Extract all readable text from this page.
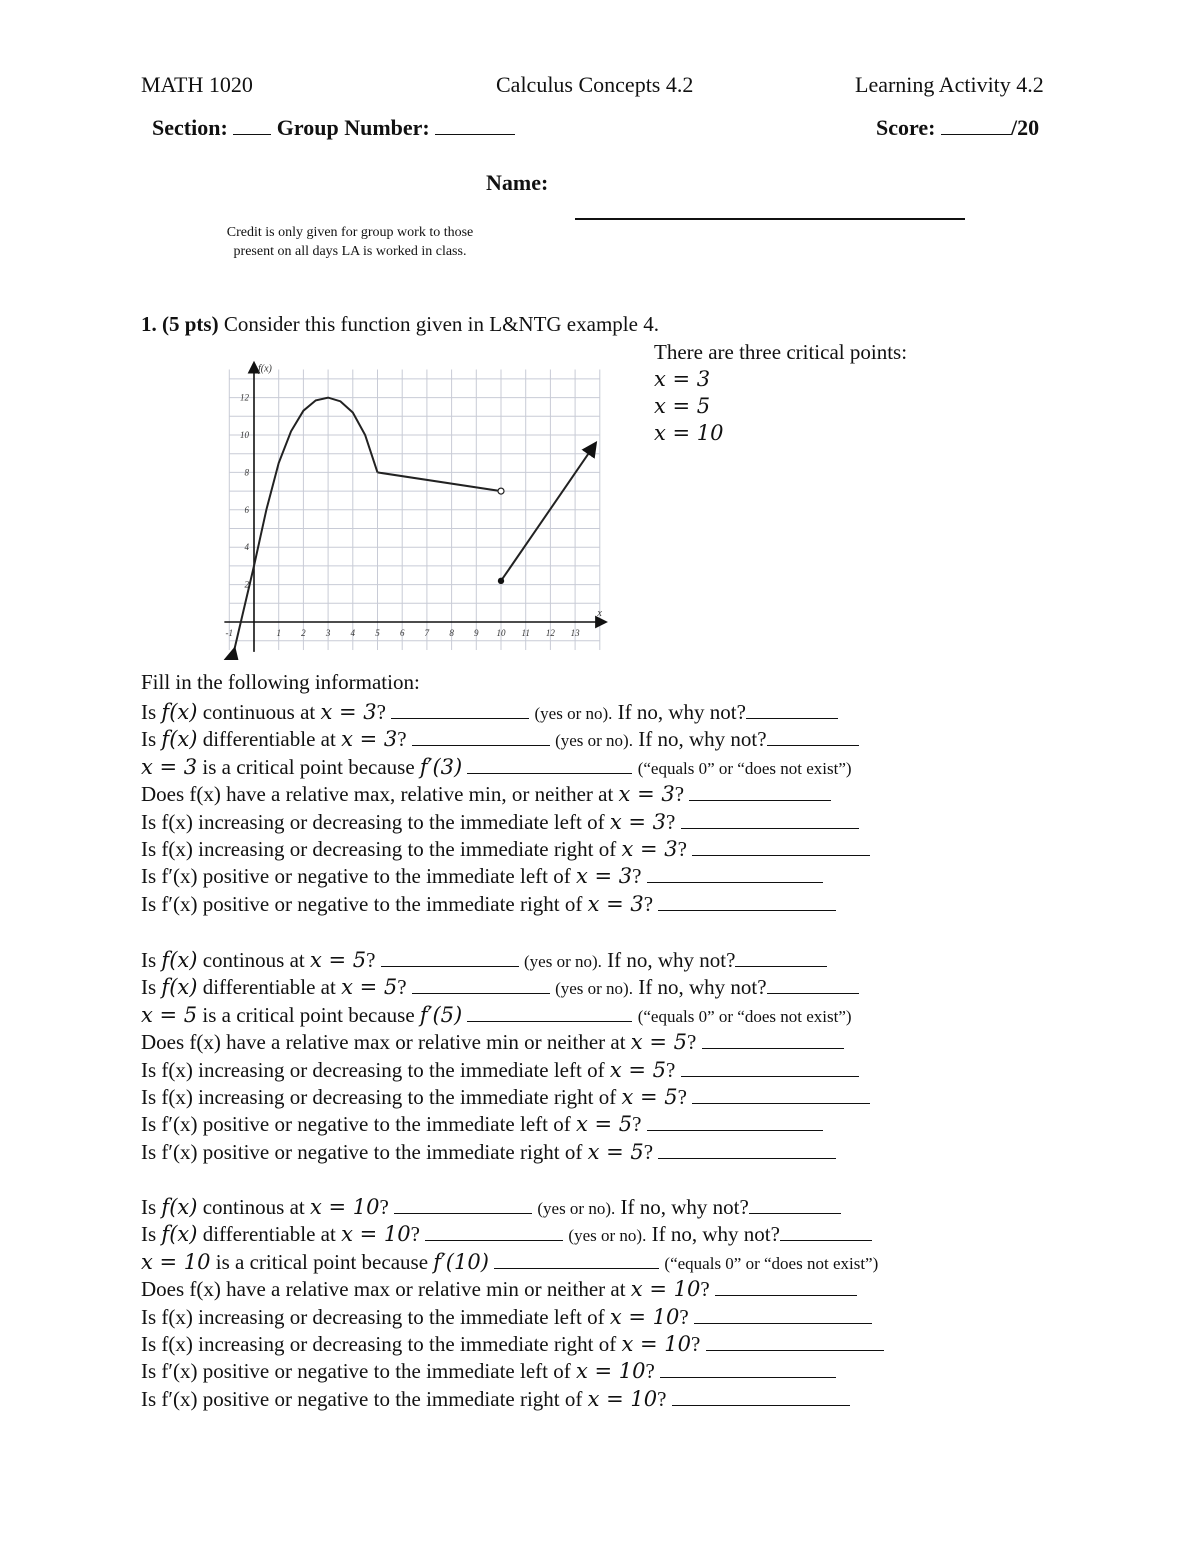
MATH 1020	Calculus Concepts 4.2	Learning Activity 4.2
Section: Group Number:	Score:	/20
Name:
Credit is only given for group work to those
present on all days LA is worked in class.
1. (5 pts) Consider this function given in L&NTG example 4.
There are three critical points:
x = 3
x = 5
x = 10
-1	1 2 3 4 5 6 7 8 9 10 11 12 13
2
4
6
8
10
12
x
f(x)
Fill in the following information:
Is f(x) continuous at x = 3?	(yes or no). If no, why not?
Is f(x) differentiable at x = 3?	(yes or no). If no, why not?
x = 3 is a critical point because f′(3)	(“equals 0” or “does not exist”)
Does f(x) have a relative max, relative min, or neither at x = 3?
Is f(x) increasing or decreasing to the immediate left of x = 3?
Is f(x) increasing or decreasing to the immediate right of x = 3?
Is f′(x) positive or negative to the immediate left of x = 3?
Is f′(x) positive or negative to the immediate right of x = 3?
Is f(x) continous at x = 5?	(yes or no). If no, why not?
Is f(x) differentiable at x = 5?	(yes or no). If no, why not?
x = 5 is a critical point because f′(5)	(“equals 0” or “does not exist”)
Does f(x) have a relative max or relative min or neither at x = 5?
Is f(x) increasing or decreasing to the immediate left of x = 5?
Is f(x) increasing or decreasing to the immediate right of x = 5?
Is f′(x) positive or negative to the immediate left of x = 5?
Is f′(x) positive or negative to the immediate right of x = 5?
Is f(x) continous at x = 10?	(yes or no). If no, why not?
Is f(x) differentiable at x = 10?	(yes or no). If no, why not?
x = 10 is a critical point because f′(10)	(“equals 0” or “does not exist”)
Does f(x) have a relative max or relative min or neither at x = 10?
Is f(x) increasing or decreasing to the immediate left of x = 10?
Is f(x) increasing or decreasing to the immediate right of x = 10?
Is f′(x) positive or negative to the immediate left of x = 10?
Is f′(x) positive or negative to the immediate right of x = 10?
